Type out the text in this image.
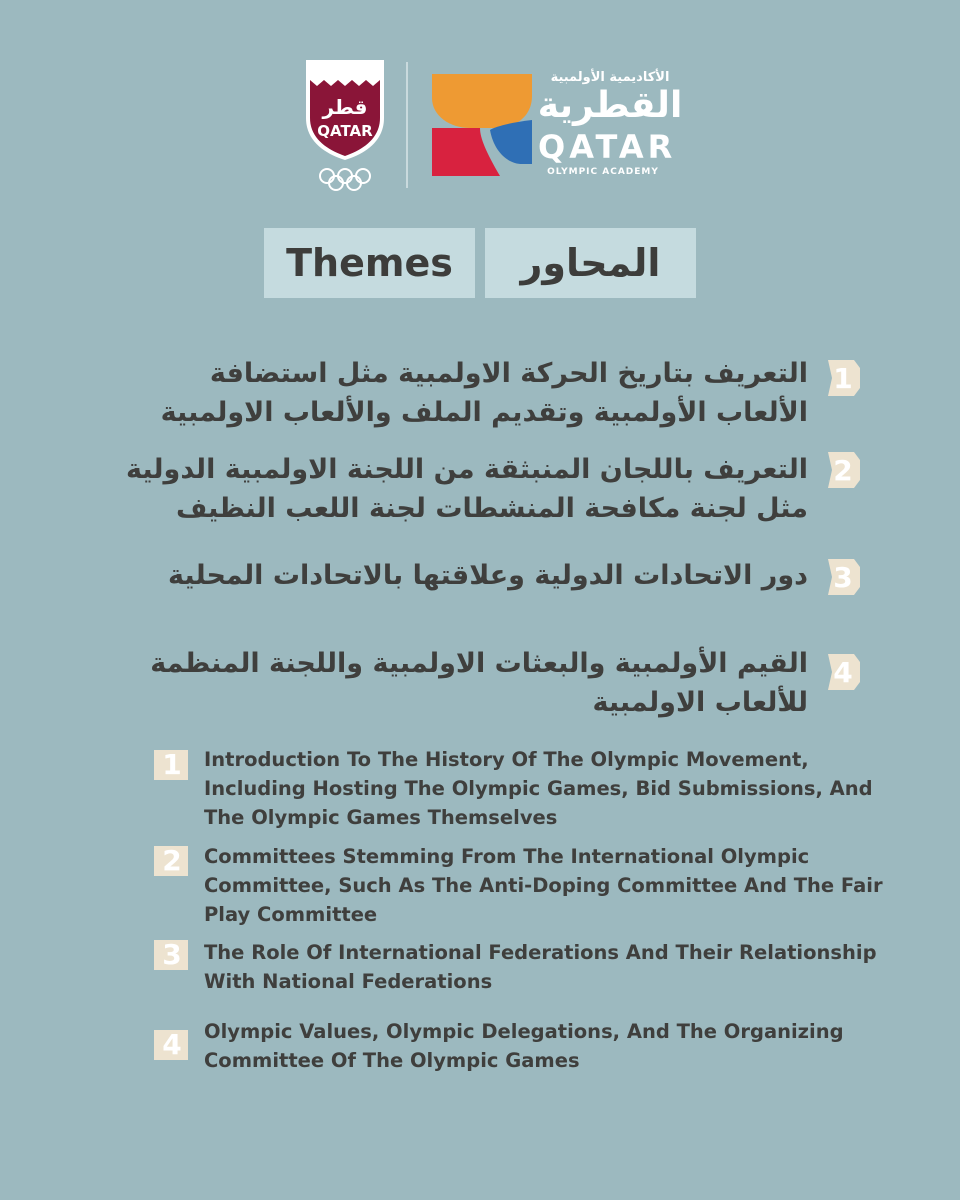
قطر
QATAR
الأكاديمية الأولمبية
القطرية
QATAR
OLYMPIC ACADEMY
Themes	المحاور
1
التعريف بتاريخ الحركة الاولمبية مثل استضافة الألعاب الأولمبية وتقديم الملف والألعاب الاولمبية
2
التعريف باللجان المنبثقة من اللجنة الاولمبية الدولية مثل لجنة مكافحة المنشطات لجنة اللعب النظيف
3
دور الاتحادات الدولية وعلاقتها بالاتحادات المحلية
4
القيم الأولمبية والبعثات الاولمبية واللجنة المنظمة للألعاب الاولمبية
1	Introduction To The History Of The Olympic Movement, Including Hosting The Olympic Games, Bid Submissions, And The Olympic Games Themselves
2	Committees Stemming From The International Olympic Committee, Such As The Anti-Doping Committee And The Fair Play Committee
3	The Role Of International Federations And Their Relationship With National Federations
4	Olympic Values, Olympic Delegations, And The Organizing Committee Of The Olympic Games
